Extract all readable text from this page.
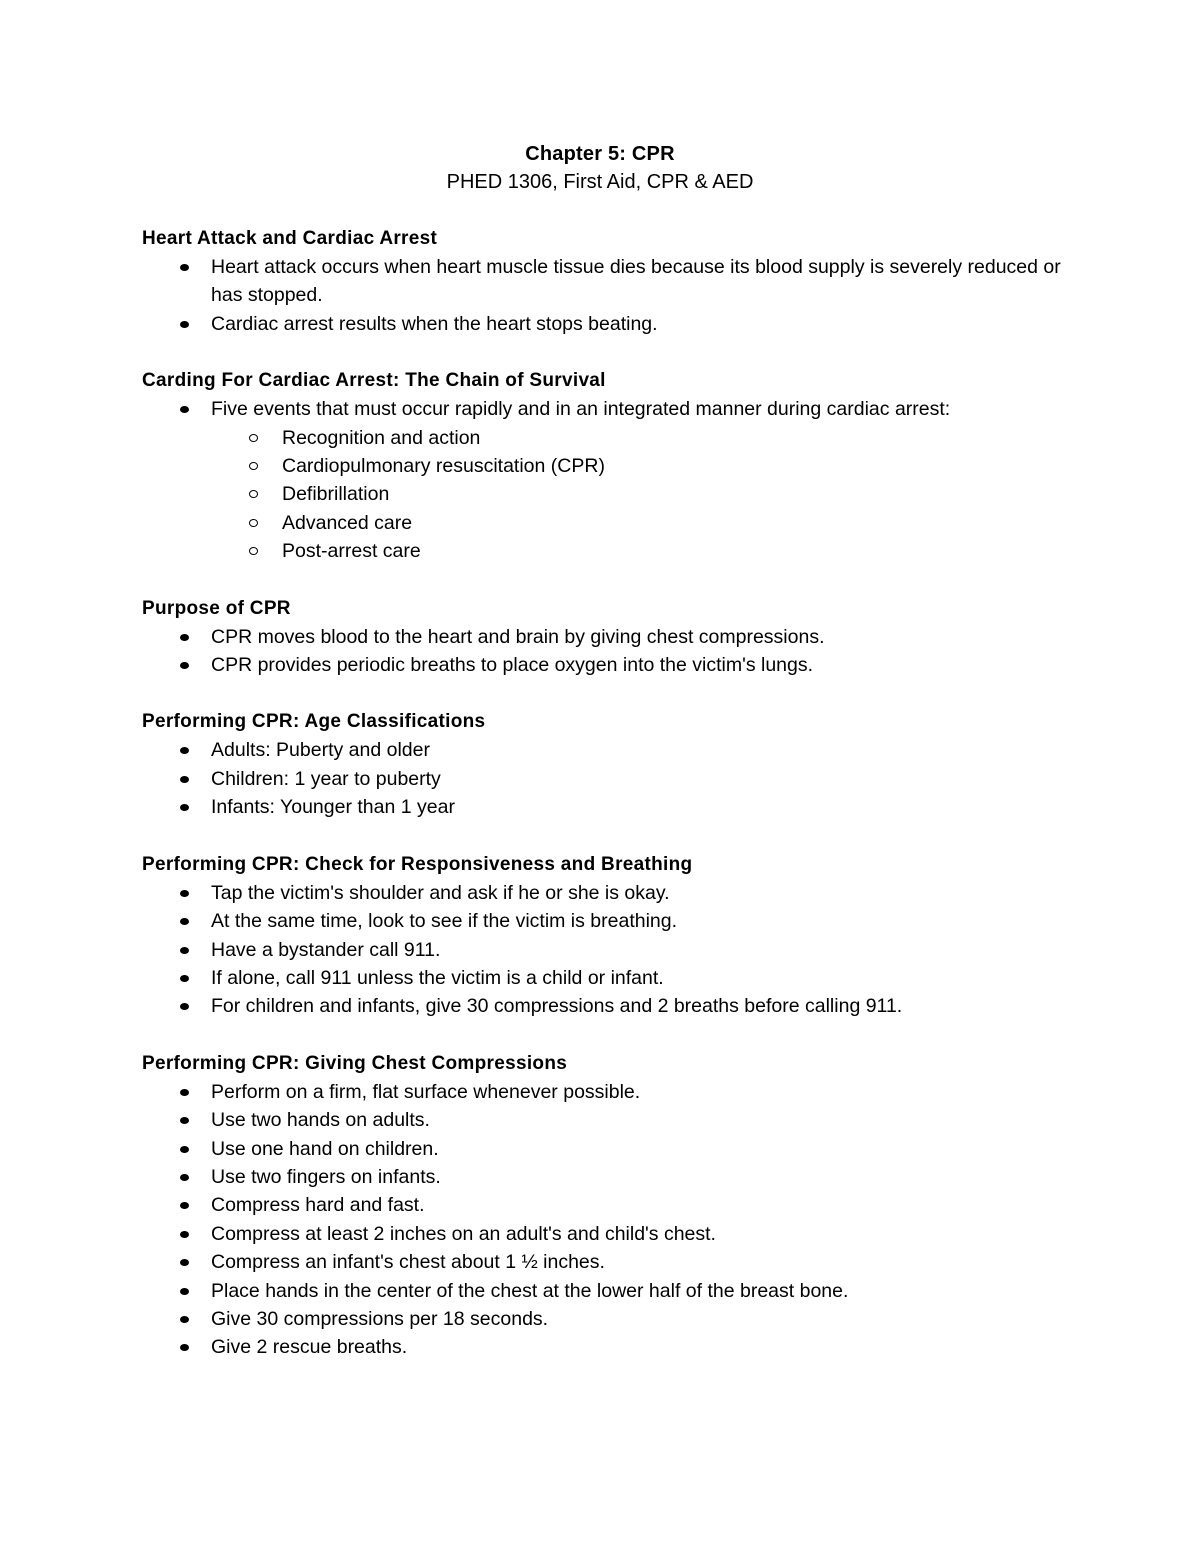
Chapter 5: CPR
PHED 1306, First Aid, CPR & AED
Heart Attack and Cardiac Arrest
Heart attack occurs when heart muscle tissue dies because its blood supply is severely reduced or has stopped.
Cardiac arrest results when the heart stops beating.
Carding For Cardiac Arrest: The Chain of Survival
Five events that must occur rapidly and in an integrated manner during cardiac arrest:
Recognition and action
Cardiopulmonary resuscitation (CPR)
Defibrillation
Advanced care
Post-arrest care
Purpose of CPR
CPR moves blood to the heart and brain by giving chest compressions.
CPR provides periodic breaths to place oxygen into the victim's lungs.
Performing CPR: Age Classifications
Adults: Puberty and older
Children: 1 year to puberty
Infants: Younger than 1 year
Performing CPR: Check for Responsiveness and Breathing
Tap the victim's shoulder and ask if he or she is okay.
At the same time, look to see if the victim is breathing.
Have a bystander call 911.
If alone, call 911 unless the victim is a child or infant.
For children and infants, give 30 compressions and 2 breaths before calling 911.
Performing CPR: Giving Chest Compressions
Perform on a firm, flat surface whenever possible.
Use two hands on adults.
Use one hand on children.
Use two fingers on infants.
Compress hard and fast.
Compress at least 2 inches on an adult's and child's chest.
Compress an infant's chest about 1 ½ inches.
Place hands in the center of the chest at the lower half of the breast bone.
Give 30 compressions per 18 seconds.
Give 2 rescue breaths.
